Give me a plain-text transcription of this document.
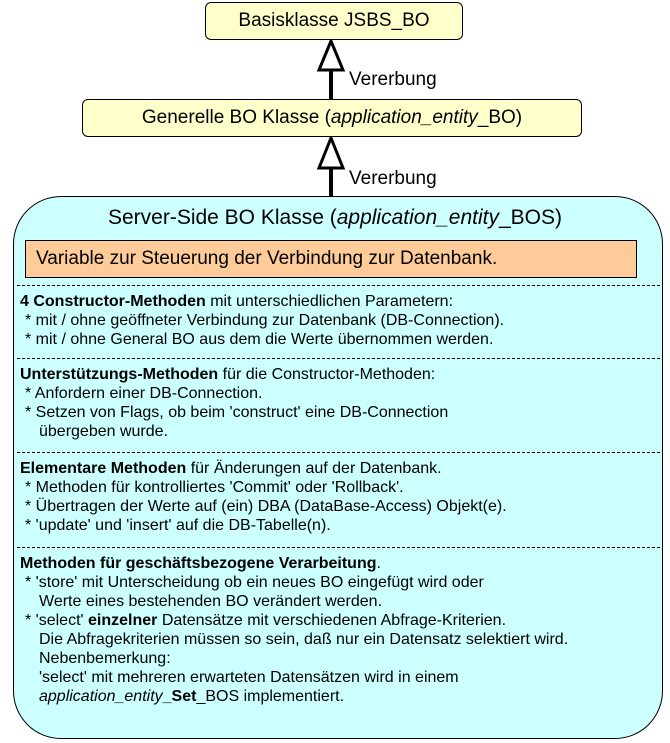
Basisklasse JSBS_BO
Vererbung
Generelle BO Klasse (application_entity_BO)
Vererbung
Server-Side BO Klasse (application_entity_BOS)
Variable zur Steuerung der Verbindung zur Datenbank.

4 Constructor-Methoden mit unterschiedlichen Parametern:

* mit / ohne geöffneter Verbindung zur Datenbank (DB-Connection).

* mit / ohne General BO aus dem die Werte übernommen werden.

Unterstützungs-Methoden für die Constructor-Methoden:

* Anfordern einer DB-Connection.

* Setzen von Flags, ob beim 'construct' eine DB-Connection

übergeben wurde.

Elementare Methoden für Änderungen auf der Datenbank.

* Methoden für kontrolliertes 'Commit' oder 'Rollback'.

* Übertragen der Werte auf (ein) DBA (DataBase-Access) Objekt(e).

* 'update' und 'insert' auf die DB-Tabelle(n).

Methoden für geschäftsbezogene Verarbeitung.

* 'store' mit Unterscheidung ob ein neues BO eingefügt wird oder

Werte eines bestehenden BO verändert werden.

* 'select' einzelner Datensätze mit verschiedenen Abfrage-Kriterien.

Die Abfragekriterien müssen so sein, daß nur ein Datensatz selektiert wird.

Nebenbemerkung:

'select' mit mehreren erwarteten Datensätzen wird in einem

application_entity_Set_BOS implementiert.
